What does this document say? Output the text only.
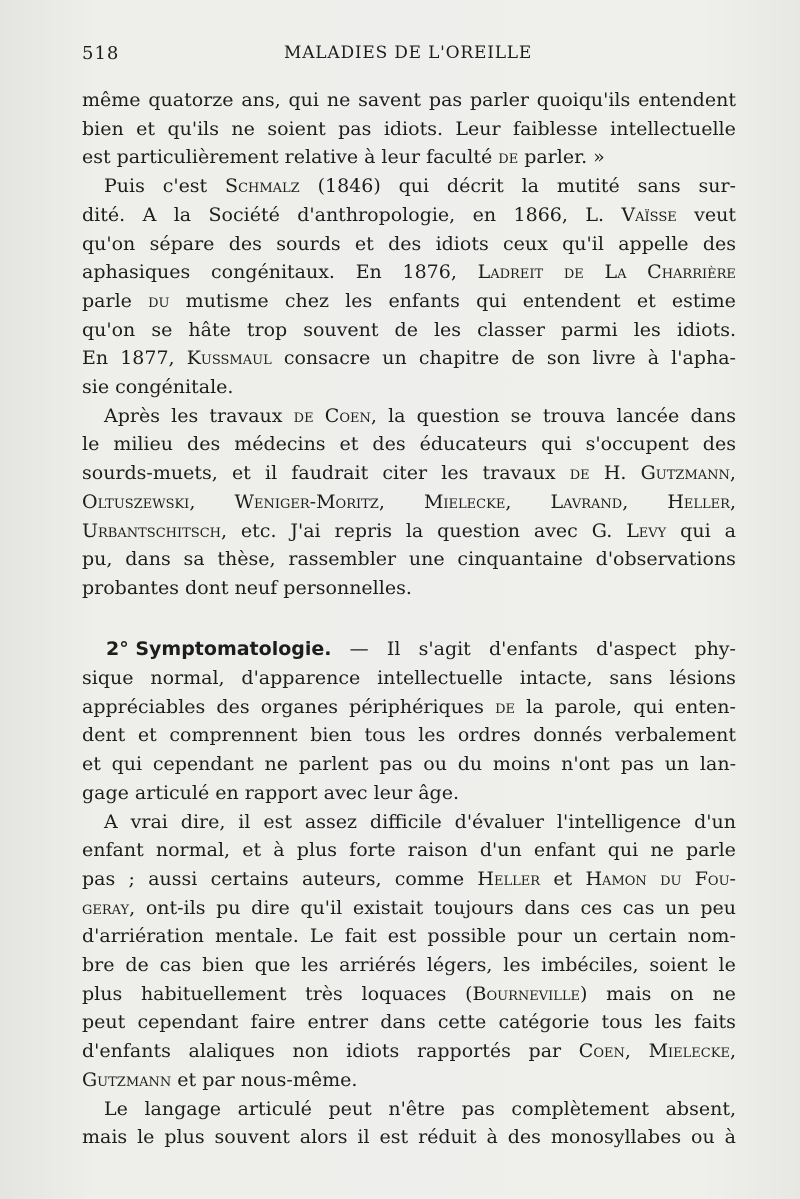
518	MALADIES DE L'OREILLE
même quatorze ans, qui ne savent pas parler quoiqu'ils entendent
bien et qu'ils ne soient pas idiots. Leur faiblesse intellectuelle
est particulièrement relative à leur faculté de parler. »
Puis c'est Schmalz (1846) qui décrit la mutité sans sur-
dité. A la Société d'anthropologie, en 1866, L. Vaïsse veut
qu'on sépare des sourds et des idiots ceux qu'il appelle des
aphasiques congénitaux. En 1876, Ladreit de La Charrière
parle du mutisme chez les enfants qui entendent et estime
qu'on se hâte trop souvent de les classer parmi les idiots.
En 1877, Kussmaul consacre un chapitre de son livre à l'apha-
sie congénitale.
Après les travaux de Coen, la question se trouva lancée dans
le milieu des médecins et des éducateurs qui s'occupent des
sourds-muets, et il faudrait citer les travaux de H. Gutzmann,
Oltuszewski, Weniger-Moritz, Mielecke, Lavrand, Heller,
Urbantschitsch, etc. J'ai repris la question avec G. Levy qui a
pu, dans sa thèse, rassembler une cinquantaine d'observations
probantes dont neuf personnelles.
2° Symptomatologie. — Il s'agit d'enfants d'aspect phy-
sique normal, d'apparence intellectuelle intacte, sans lésions
appréciables des organes périphériques de la parole, qui enten-
dent et comprennent bien tous les ordres donnés verbalement
et qui cependant ne parlent pas ou du moins n'ont pas un lan-
gage articulé en rapport avec leur âge.
A vrai dire, il est assez difficile d'évaluer l'intelligence d'un
enfant normal, et à plus forte raison d'un enfant qui ne parle
pas ; aussi certains auteurs, comme Heller et Hamon du Fou-
geray, ont-ils pu dire qu'il existait toujours dans ces cas un peu
d'arriération mentale. Le fait est possible pour un certain nom-
bre de cas bien que les arriérés légers, les imbéciles, soient le
plus habituellement très loquaces (Bourneville) mais on ne
peut cependant faire entrer dans cette catégorie tous les faits
d'enfants alaliques non idiots rapportés par Coen, Mielecke,
Gutzmann et par nous-même.
Le langage articulé peut n'être pas complètement absent,
mais le plus souvent alors il est réduit à des monosyllabes ou à
